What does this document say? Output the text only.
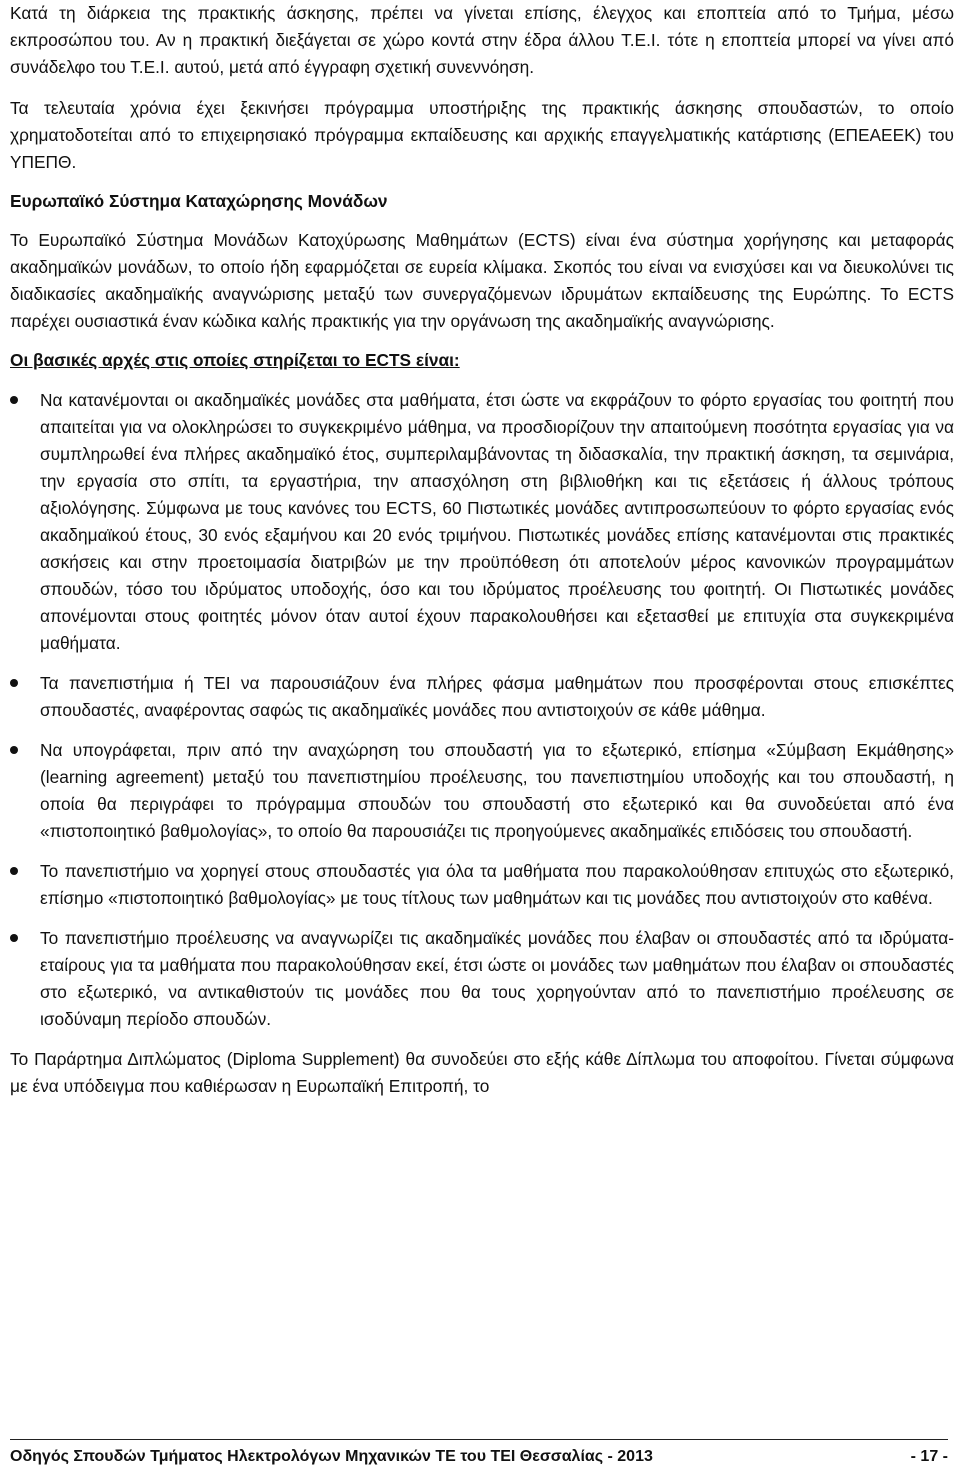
Κατά τη διάρκεια της πρακτικής άσκησης, πρέπει να γίνεται επίσης, έλεγχος και εποπτεία από το Τμήμα, μέσω εκπροσώπου του. Αν η πρακτική διεξάγεται σε χώρο κοντά στην έδρα άλλου Τ.Ε.Ι. τότε η εποπτεία μπορεί να γίνει από συνάδελφο του Τ.Ε.Ι. αυτού, μετά από έγγραφη σχετική συνεννόηση.

Τα τελευταία χρόνια έχει ξεκινήσει πρόγραμμα υποστήριξης της πρακτικής άσκησης σπουδαστών, το οποίο χρηματοδοτείται από το επιχειρησιακό πρόγραμμα εκπαίδευσης και αρχικής επαγγελματικής κατάρτισης (ΕΠΕΑΕΕΚ) του ΥΠΕΠΘ.

Ευρωπαϊκό Σύστημα Καταχώρησης Μονάδων

Το Ευρωπαϊκό Σύστημα Μονάδων Κατοχύρωσης Μαθημάτων (ECTS) είναι ένα σύστημα χορήγησης και μεταφοράς ακαδημαϊκών μονάδων, το οποίο ήδη εφαρμόζεται σε ευρεία κλίμακα. Σκοπός του είναι να ενισχύσει και να διευκολύνει τις διαδικασίες ακαδημαϊκής αναγνώρισης μεταξύ των συνεργαζόμενων ιδρυμάτων εκπαίδευσης της Ευρώπης. Το ECTS παρέχει ουσιαστικά έναν κώδικα καλής πρακτικής για την οργάνωση της ακαδημαϊκής αναγνώρισης.

Οι βασικές αρχές στις οποίες στηρίζεται το ECTS είναι:

Να κατανέμονται οι ακαδημαϊκές μονάδες στα μαθήματα, έτσι ώστε να εκφράζουν το φόρτο εργασίας του φοιτητή που απαιτείται για να ολοκληρώσει το συγκεκριμένο μάθημα, να προσδιορίζουν την απαιτούμενη ποσότητα εργασίας για να συμπληρωθεί ένα πλήρες ακαδημαϊκό έτος, συμπεριλαμβάνοντας τη διδασκαλία, την πρακτική άσκηση, τα σεμινάρια, την εργασία στο σπίτι, τα εργαστήρια, την απασχόληση στη βιβλιοθήκη και τις εξετάσεις ή άλλους τρόπους αξιολόγησης. Σύμφωνα με τους κανόνες του ECTS, 60 Πιστωτικές μονάδες αντιπροσωπεύουν το φόρτο εργασίας ενός ακαδημαϊκού έτους, 30 ενός εξαμήνου και 20 ενός τριμήνου. Πιστωτικές μονάδες επίσης κατανέμονται στις πρακτικές ασκήσεις και στην προετοιμασία διατριβών με την προϋπόθεση ότι αποτελούν μέρος κανονικών προγραμμάτων σπουδών, τόσο του ιδρύματος υποδοχής, όσο και του ιδρύματος προέλευσης του φοιτητή. Οι Πιστωτικές μονάδες απονέμονται στους φοιτητές μόνον όταν αυτοί έχουν παρακολουθήσει και εξετασθεί με επιτυχία στα συγκεκριμένα μαθήματα.

Τα πανεπιστήμια ή ΤΕΙ να παρουσιάζουν ένα πλήρες φάσμα μαθημάτων που προσφέρονται στους επισκέπτες σπουδαστές, αναφέροντας σαφώς τις ακαδημαϊκές μονάδες που αντιστοιχούν σε κάθε μάθημα.

Να υπογράφεται, πριν από την αναχώρηση του σπουδαστή για το εξωτερικό, επίσημα «Σύμβαση Εκμάθησης» (learning agreement) μεταξύ του πανεπιστημίου προέλευσης, του πανεπιστημίου υποδοχής και του σπουδαστή, η οποία θα περιγράφει το πρόγραμμα σπουδών του σπουδαστή στο εξωτερικό και θα συνοδεύεται από ένα «πιστοποιητικό βαθμολογίας», το οποίο θα παρουσιάζει τις προηγούμενες ακαδημαϊκές επιδόσεις του σπουδαστή.

Το πανεπιστήμιο να χορηγεί στους σπουδαστές για όλα τα μαθήματα που παρακολούθησαν επιτυχώς στο εξωτερικό, επίσημο «πιστοποιητικό βαθμολογίας» με τους τίτλους των μαθημάτων και τις μονάδες που αντιστοιχούν στο καθένα.

Το πανεπιστήμιο προέλευσης να αναγνωρίζει τις ακαδημαϊκές μονάδες που έλαβαν οι σπουδαστές από τα ιδρύματα-εταίρους για τα μαθήματα που παρακολούθησαν εκεί, έτσι ώστε οι μονάδες των μαθημάτων που έλαβαν οι σπουδαστές στο εξωτερικό, να αντικαθιστούν τις μονάδες που θα τους χορηγούνταν από το πανεπιστήμιο προέλευσης σε ισοδύναμη περίοδο σπουδών.

Το Παράρτημα Διπλώματος (Diploma Supplement) θα συνοδεύει στο εξής κάθε Δίπλωμα του αποφοίτου. Γίνεται σύμφωνα με ένα υπόδειγμα που καθιέρωσαν η Ευρωπαϊκή Επιτροπή, το

Οδηγός Σπουδών Τμήματος Ηλεκτρολόγων Μηχανικών ΤΕ του ΤΕΙ Θεσσαλίας - 2013	- 17 -
